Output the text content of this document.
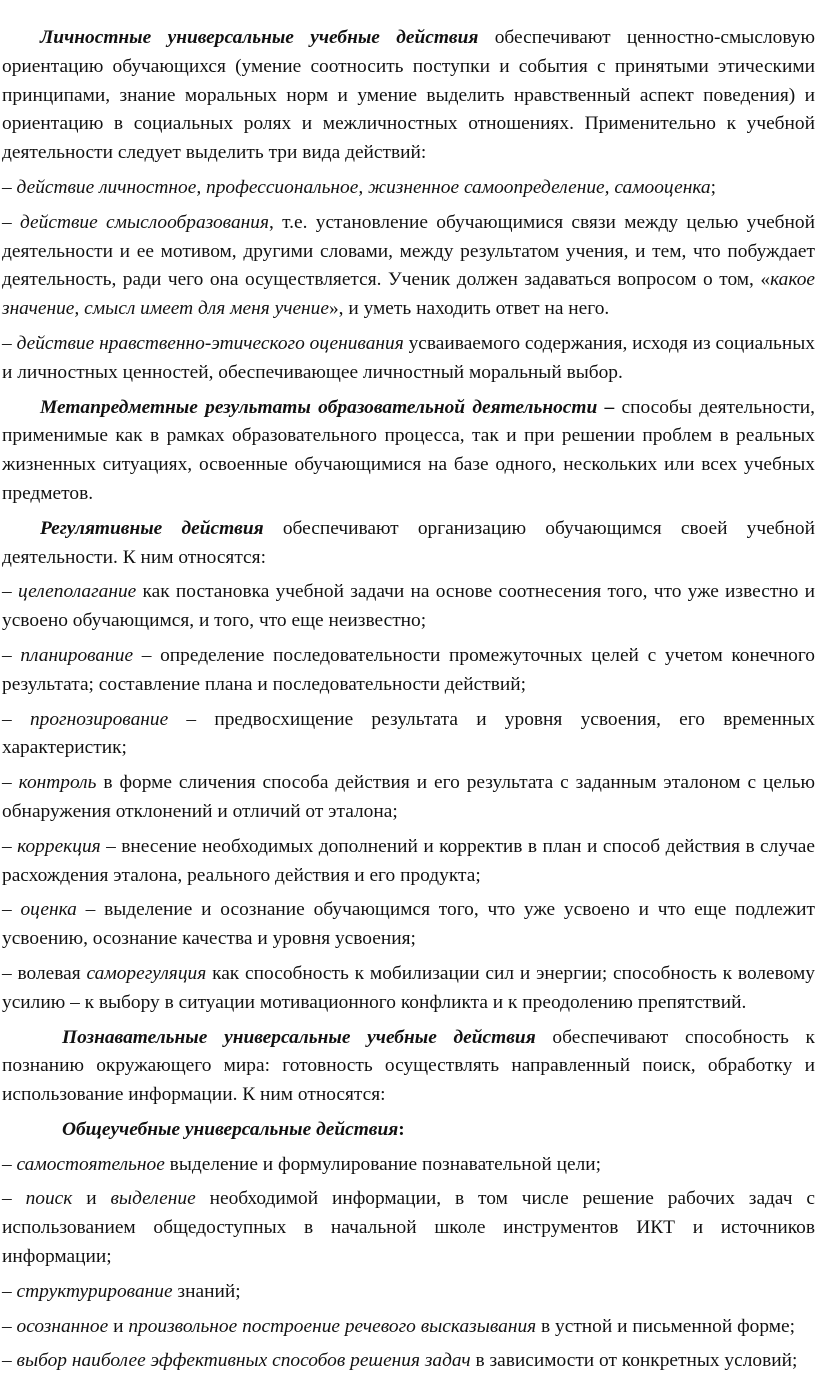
Личностные универсальные учебные действия обеспечивают ценностно-смысловую ориентацию обучающихся (умение соотносить поступки и события с принятыми этическими принципами, знание моральных норм и умение выделить нравственный аспект поведения) и ориентацию в социальных ролях и межличностных отношениях. Применительно к учебной деятельности следует выделить три вида действий:

– действие личностное, профессиональное, жизненное самоопределение, самооценка;

– действие смыслообразования, т.е. установление обучающимися связи между целью учебной деятельности и ее мотивом, другими словами, между результатом учения, и тем, что побуждает деятельность, ради чего она осуществляется. Ученик должен задаваться вопросом о том, «какое значение, смысл имеет для меня учение», и уметь находить ответ на него.

– действие нравственно-этического оценивания усваиваемого содержания, исходя из социальных и личностных ценностей, обеспечивающее личностный моральный выбор.

Метапредметные результаты образовательной деятельности – способы деятельности, применимые как в рамках образовательного процесса, так и при решении проблем в реальных жизненных ситуациях, освоенные обучающимися на базе одного, нескольких или всех учебных предметов.

Регулятивные действия обеспечивают организацию обучающимся своей учебной деятельности. К ним относятся:

– целеполагание как постановка учебной задачи на основе соотнесения того, что уже известно и усвоено обучающимся, и того, что еще неизвестно;

– планирование – определение последовательности промежуточных целей с учетом конечного результата; составление плана и последовательности действий;

– прогнозирование – предвосхищение результата и уровня усвоения, его временных характеристик;

– контроль в форме сличения способа действия и его результата с заданным эталоном с целью обнаружения отклонений и отличий от эталона;

– коррекция – внесение необходимых дополнений и корректив в план и способ действия в случае расхождения эталона, реального действия и его продукта;

– оценка – выделение и осознание обучающимся того, что уже усвоено и что еще подлежит усвоению, осознание качества и уровня усвоения;

– волевая саморегуляция как способность к мобилизации сил и энергии; способность к волевому усилию – к выбору в ситуации мотивационного конфликта и к преодолению препятствий.

Познавательные универсальные учебные действия обеспечивают способность к познанию окружающего мира: готовность осуществлять направленный поиск, обработку и использование информации. К ним относятся:

Общеучебные универсальные действия:

– самостоятельное выделение и формулирование познавательной цели;

– поиск и выделение необходимой информации, в том числе решение рабочих задач с использованием общедоступных в начальной школе инструментов ИКТ и источников информации;

– структурирование знаний;

– осознанное и произвольное построение речевого высказывания в устной и письменной форме;

– выбор наиболее эффективных способов решения задач в зависимости от конкретных условий;
